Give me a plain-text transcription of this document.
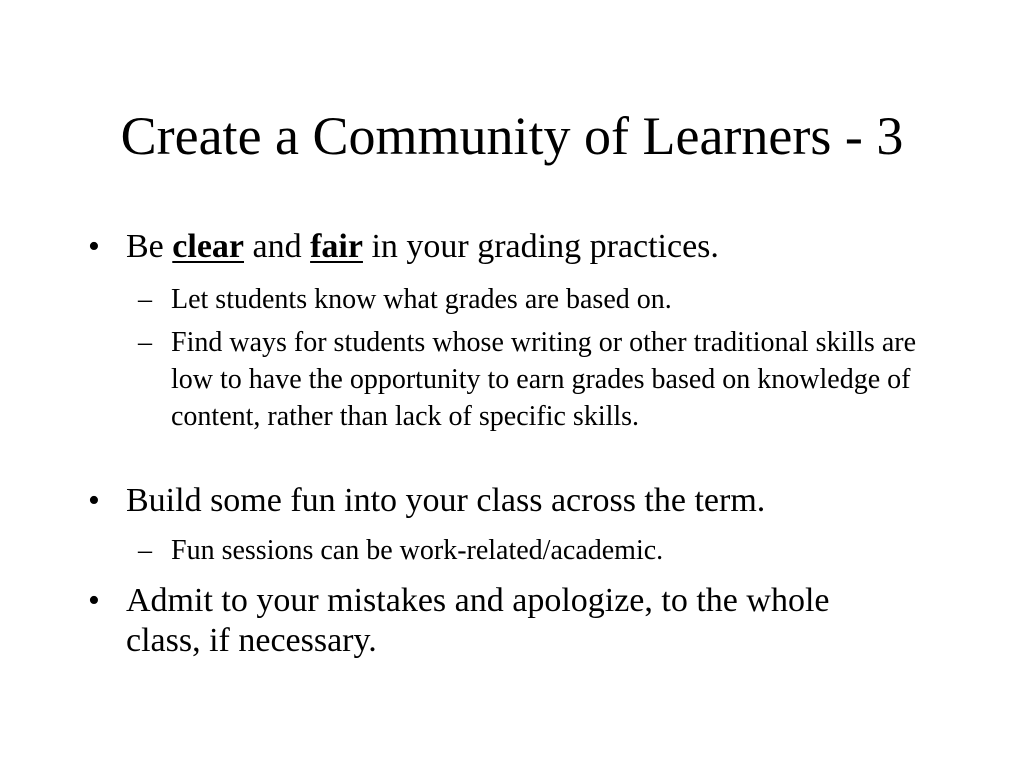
Create a Community of Learners - 3
• Be clear and fair in your grading practices.
– Let students know what grades are based on.
– Find ways for students whose writing or other traditional skills are low to have the opportunity to earn grades based on knowledge of content, rather than lack of specific skills.
• Build some fun into your class across the term.
– Fun sessions can be work-related/academic.
• Admit to your mistakes and apologize, to the whole class, if necessary.
